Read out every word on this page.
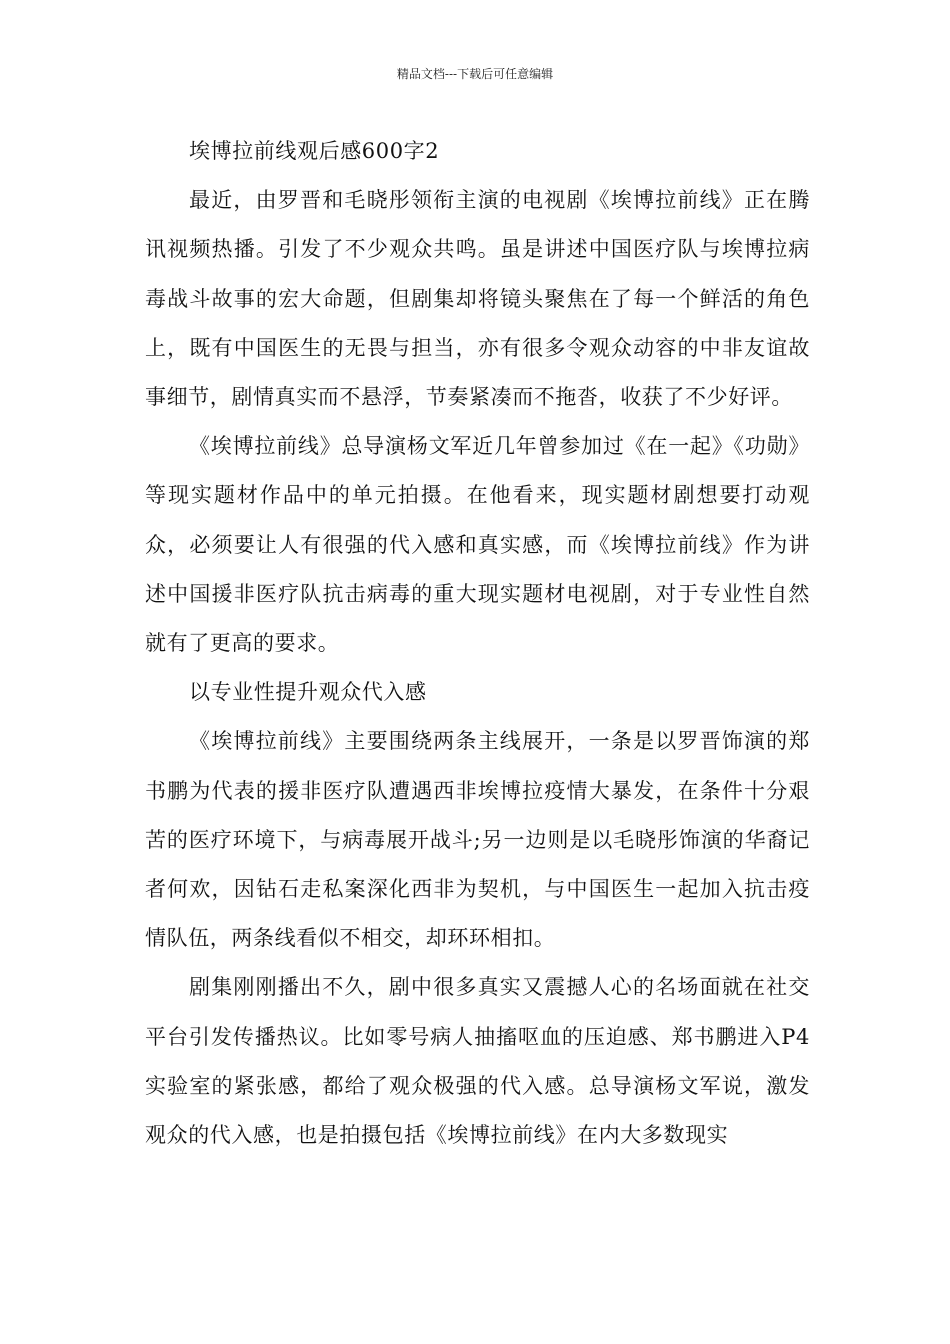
精品文档---下载后可任意编辑

埃博拉前线观后感600字2

最近，由罗晋和毛晓彤领衔主演的电视剧《埃博拉前线》正在腾讯视频热播。引发了不少观众共鸣。虽是讲述中国医疗队与埃博拉病毒战斗故事的宏大命题，但剧集却将镜头聚焦在了每一个鲜活的角色上，既有中国医生的无畏与担当，亦有很多令观众动容的中非友谊故事细节，剧情真实而不悬浮，节奏紧凑而不拖沓，收获了不少好评。

《埃博拉前线》总导演杨文军近几年曾参加过《在一起》《功勋》等现实题材作品中的单元拍摄。在他看来，现实题材剧想要打动观众，必须要让人有很强的代入感和真实感，而《埃博拉前线》作为讲述中国援非医疗队抗击病毒的重大现实题材电视剧，对于专业性自然就有了更高的要求。

以专业性提升观众代入感

《埃博拉前线》主要围绕两条主线展开，一条是以罗晋饰演的郑书鹏为代表的援非医疗队遭遇西非埃博拉疫情大暴发，在条件十分艰苦的医疗环境下，与病毒展开战斗;另一边则是以毛晓彤饰演的华裔记者何欢，因钻石走私案深化西非为契机，与中国医生一起加入抗击疫情队伍，两条线看似不相交，却环环相扣。

剧集刚刚播出不久，剧中很多真实又震撼人心的名场面就在社交平台引发传播热议。比如零号病人抽搐呕血的压迫感、郑书鹏进入P4实验室的紧张感，都给了观众极强的代入感。总导演杨文军说，激发观众的代入感，也是拍摄包括《埃博拉前线》在内大多数现实
